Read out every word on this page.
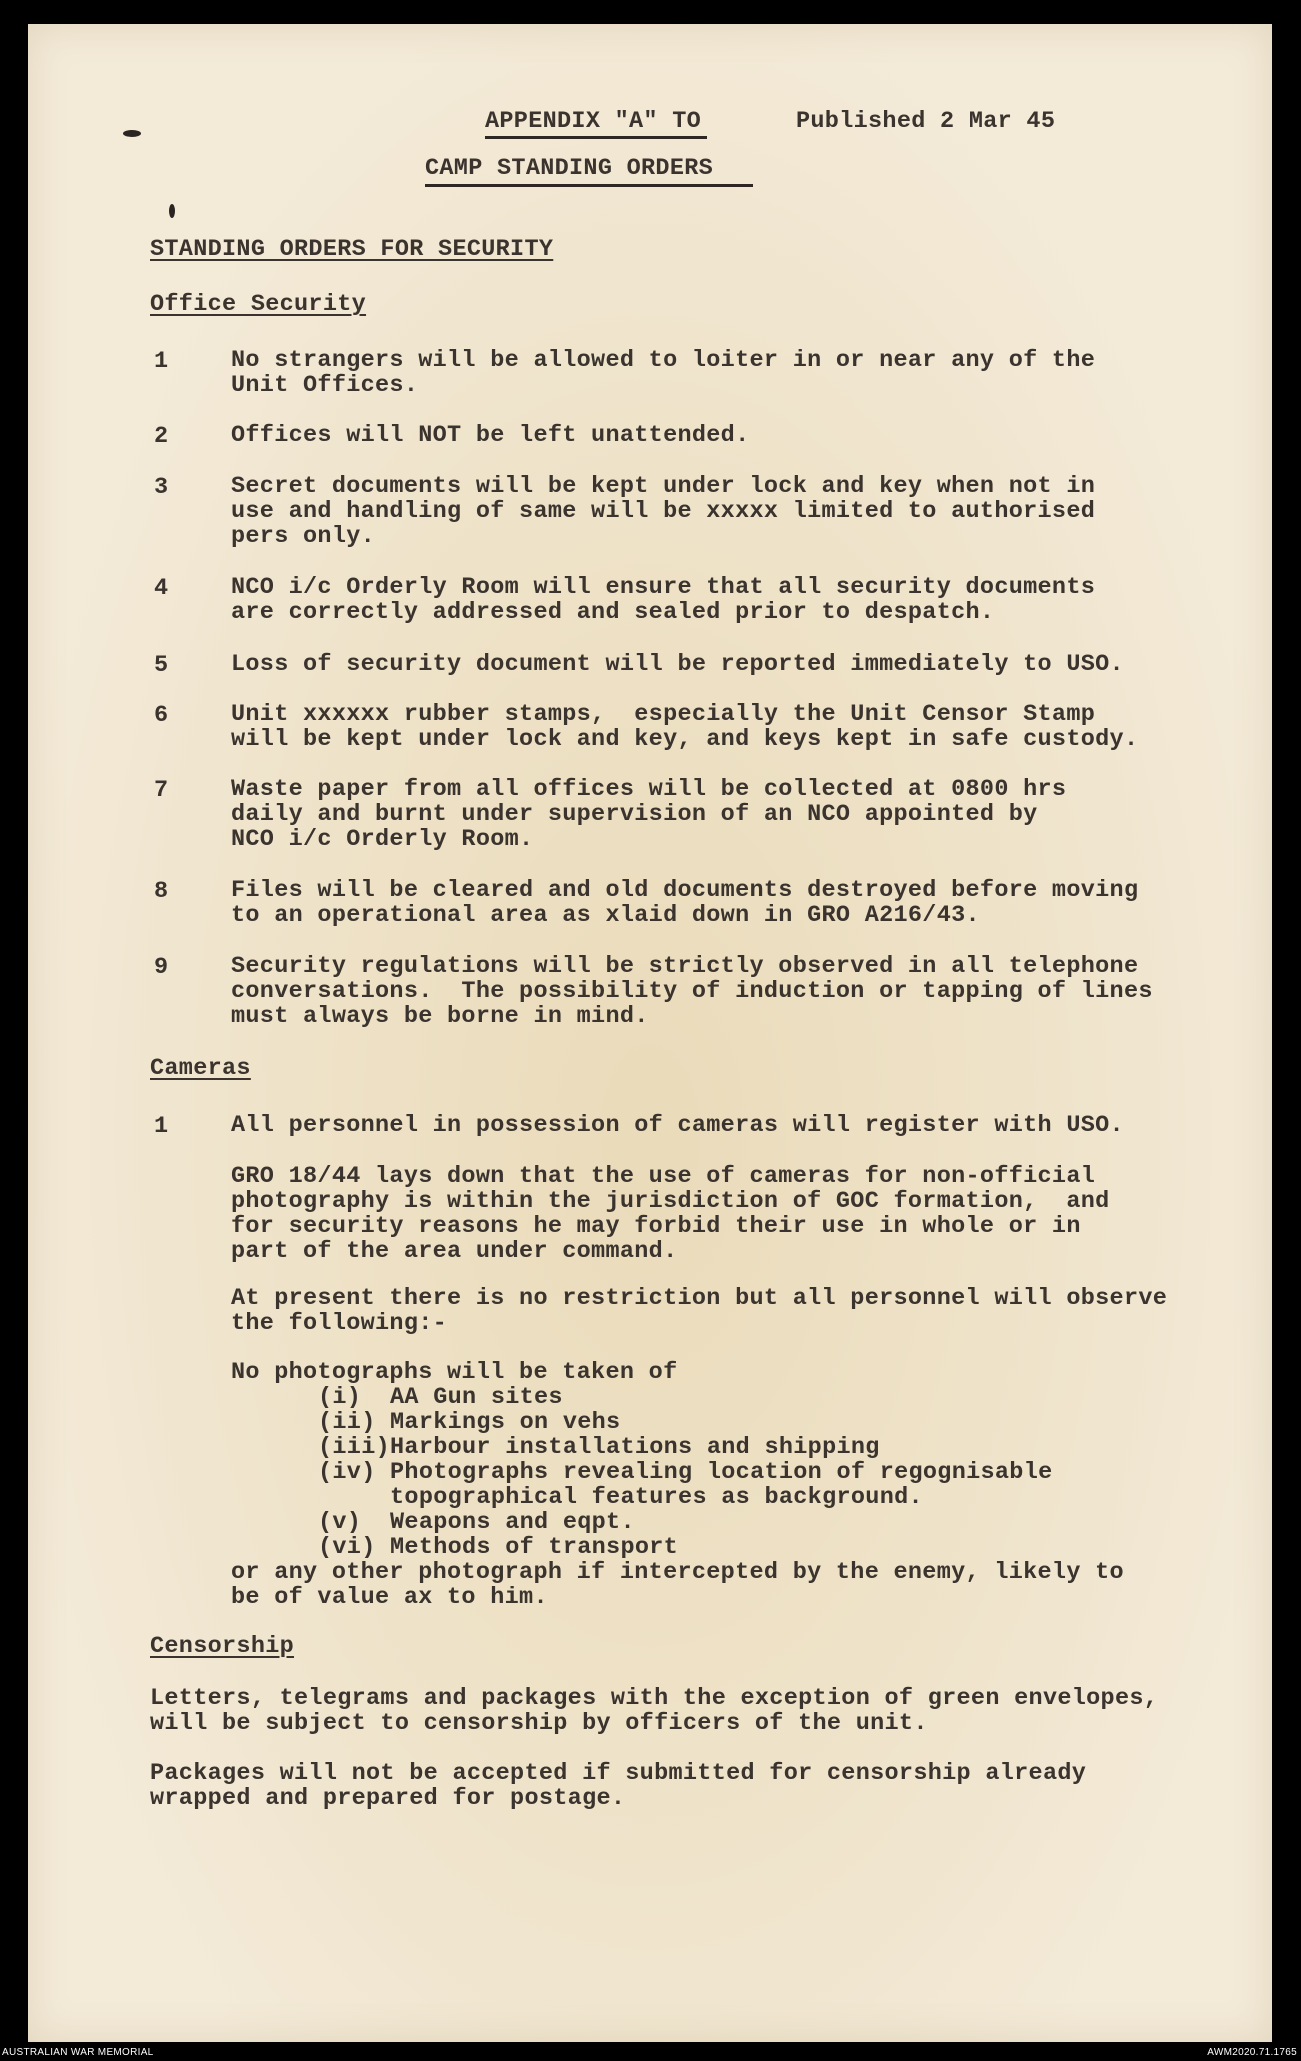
APPENDIX "A" TO	Published 2 Mar 45
CAMP STANDING ORDERS
STANDING ORDERS FOR SECURITY
Office Security
1	No strangers will be allowed to loiter in or near any of the
Unit Offices.
2	Offices will NOT be left unattended.
3	Secret documents will be kept under lock and key when not in
use and handling of same will be xxxxx limited to authorised
pers only.
4	NCO i/c Orderly Room will ensure that all security documents
are correctly addressed and sealed prior to despatch.
5	Loss of security document will be reported immediately to USO.
6	Unit xxxxxx rubber stamps,  especially the Unit Censor Stamp
will be kept under lock and key, and keys kept in safe custody.
7	Waste paper from all offices will be collected at 0800 hrs
daily and burnt under supervision of an NCO appointed by
NCO i/c Orderly Room.
8	Files will be cleared and old documents destroyed before moving
to an operational area as xlaid down in GRO A216/43.
9	Security regulations will be strictly observed in all telephone
conversations.  The possibility of induction or tapping of lines
must always be borne in mind.
Cameras
1	All personnel in possession of cameras will register with USO.
GRO 18/44 lays down that the use of cameras for non-official
photography is within the jurisdiction of GOC formation,  and
for security reasons he may forbid their use in whole or in
part of the area under command.
At present there is no restriction but all personnel will observe
the following:-
No photographs will be taken of
(i)  AA Gun sites
(ii) Markings on vehs
(iii)Harbour installations and shipping
(iv) Photographs revealing location of regognisable
topographical features as background.
(v)  Weapons and eqpt.
(vi) Methods of transport
or any other photograph if intercepted by the enemy, likely to
be of value ax to him.
Censorship
Letters, telegrams and packages with the exception of green envelopes,
will be subject to censorship by officers of the unit.
Packages will not be accepted if submitted for censorship already
wrapped and prepared for postage.
AUSTRALIAN WAR MEMORIAL	AWM2020.71.1765
